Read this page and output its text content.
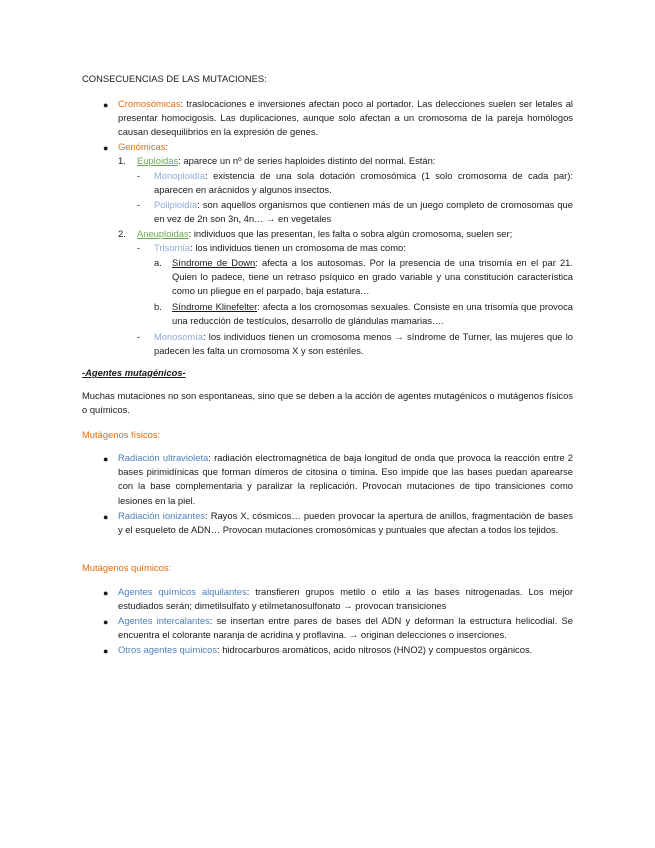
CONSECUENCIAS DE LAS MUTACIONES:
● Cromosómicas: traslocaciones e inversiones afectan poco al portador. Las delecciones suelen ser letales al presentar homocigosis. Las duplicaciones, aunque solo afectan a un cromosoma de la pareja homólogos causan desequilibrios en la expresión de genes.
● Genómicas:
1. Euploidas: aparece un nº de series haploides distinto del normal. Están:
- Monoploidía: existencia de una sola dotación cromosómica (1 solo cromosoma de cada par): aparecen en arácnidos y algunos insectos.
- Poliploidía: son aquellos organismos que contienen más de un juego completo de cromosomas que en vez de 2n son 3n, 4n… → en vegetales
2. Aneuploidas: individuos que las presentan, les falta o sobra algún cromosoma, suelen ser;
- Trisomía: los individuos tienen un cromosoma de mas como:
a. Síndrome de Down: afecta a los autosomas. Por la presencia de una trisomía en el par 21. Quien lo padece, tiene un retraso psíquico en grado variable y una constitución característica como un pliegue en el parpado, baja estatura…
b. Síndrome Klinefelter: afecta a los cromosomas sexuales. Consiste en una trisomía que provoca una reducción de testículos, desarrollo de glándulas mamarias….
- Monosomía: los individuos tienen un cromosoma menos → síndrome de Turner, las mujeres que lo padecen les falta un cromosoma X y son estériles.
-Agentes mutagénicos-
Muchas mutaciones no son espontaneas, sino que se deben a la acción de agentes mutagénicos o mutágenos físicos o químicos.
Mutágenos físicos:
● Radiación ultravioleta: radiación electromagnética de baja longitud de onda que provoca la reacción entre 2 bases pirimidínicas que forman dímeros de citosina o timina. Eso impide que las bases puedan aparearse con la base complementaria y paralizar la replicación. Provocan mutaciones de tipo transiciones como lesiones en la piel.
● Radiación ionizantes: Rayos X, cósmicos… pueden provocar la apertura de anillos, fragmentación de bases y el esqueleto de ADN… Provocan mutaciones cromosómicas y puntuales que afectan a todos los tejidos.
Mutágenos químicos:
● Agentes químicos alquilantes: transfieren grupos metilo o etilo a las bases nitrogenadas. Los mejor estudiados serán; dimetilsulfato y etilmetanosulfonato → provocan transiciones
● Agentes intercalantes: se insertan entre pares de bases del ADN y deforman la estructura helicodial. Se encuentra el colorante naranja de acridina y proflavina. → originan delecciones o inserciones.
● Otros agentes químicos: hidrocarburos aromáticos, acido nitrosos (HNO2) y compuestos orgánicos.
